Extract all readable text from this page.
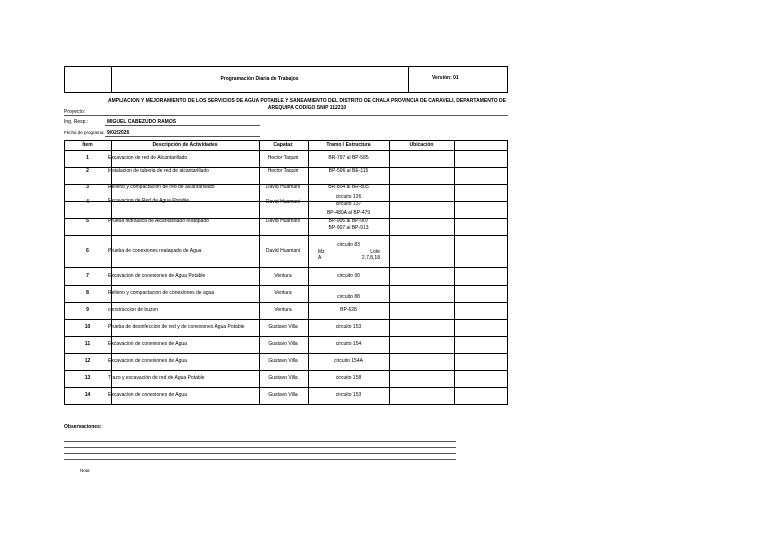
Programación Diaria de Trabajos	Versión: 01
AMPLIACION Y MEJORAMIENTO DE LOS SERVICIOS DE AGUA POTABLE Y SANEAMIENTO DEL DISTRITO DE CHALA PROVINCIA DE CARAVELI, DEPARTAMENTO DE AREQUIPA CODIGO SNIP 112210
Proyecto:
Ing. Resp.:	MIGUEL CABEZUDO RAMOS
Fecha de programa: 9/02/2026
Ítem	Descripción de Actividades	Capataz	Tramo / Estructura	Ubicación
1	Excavacion de red de Alcantarillado	Hector Taquiri	BR-797 al BP-585
2	Instalacion de tuberia de red de alcantarillado	Hector Taquiri	BP-596 al BE-115
3	Relleno y compactacion de red de alcantarillado	David Huamani	BR-804 al BR-805
4	Excavacion de Red de Agua Potable	David Huamani
circuito 126
circuito 137
5	Prueba hidraulica de Alcantarillado reatapado	David Huamani
BP-480A al BP-479
BP-906 al BP-907
BP-907 al BP-913
6	Prueba de conexiones reatapado de Agua	David Huamani
circuito 83
Mz	Lote
A	2,7,8,18
7	Excavacion de conexiones de Agua Potable	Ventura	circuito 90
8	Relleno y compactacion de conexiones de agua	Ventura
circuito 88
9	construccion de buzon	Ventura	BP-628
10	Prueba de desinfeccion de red y de conexiones Agua Potable	Gustavo Villa	circuito 153
11	Excavacion de conexiones de Agua	Gustavo Villa	circuito 154
12	Excavacion de conexiones de Agua	Gustavo Villa	circuito 154A
13	Trazo y excavación de red de Agua Potable	Gustavo Villa	circuito 158
14	Excavacion de conexiones de Agua	Gustavo Villa	circuito 153
Observaciones:
Nota
